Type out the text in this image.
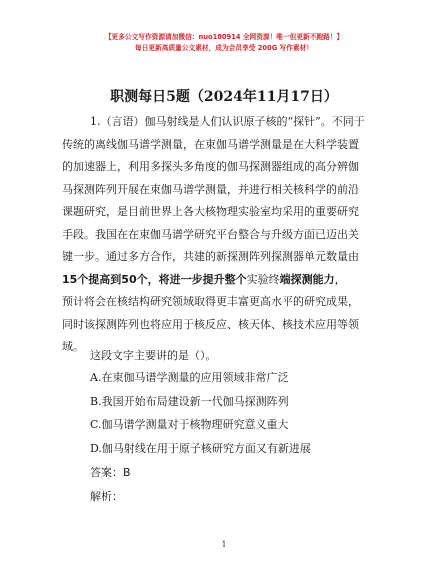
【更多公文写作资源请加微信：nuo180914 全网资源！唯一但更新不跑路！】
每日更新高质量公文素材，成为会员享受 200G 写作素材！
职测每日5题（2024年11月17日）
1.（言语）伽马射线是人们认识原子核的“探针”。不同于
传统的离线伽马谱学测量，在束伽马谱学测量是在大科学装置
的加速器上，利用多探头多角度的伽马探测器组成的高分辨伽
马探测阵列开展在束伽马谱学测量，并进行相关核科学的前沿
课题研究，是目前世界上各大核物理实验室均采用的重要研究
手段。我国在在束伽马谱学研究平台整合与升级方面已迈出关
键一步。通过多方合作，共建的新探测阵列探测器单元数量由
15个提高到50个，将进一步提升整个实验终端探测能力，
预计将会在核结构研究领域取得更丰富更高水平的研究成果，
同时该探测阵列也将应用于核反应、核天体、核技术应用等领
域。
这段文字主要讲的是（）。
A.在束伽马谱学测量的应用领域非常广泛
B.我国开始布局建设新一代伽马探测阵列
C.伽马谱学测量对于核物理研究意义重大
D.伽马射线在用于原子核研究方面又有新进展
答案：B
解析：
1
